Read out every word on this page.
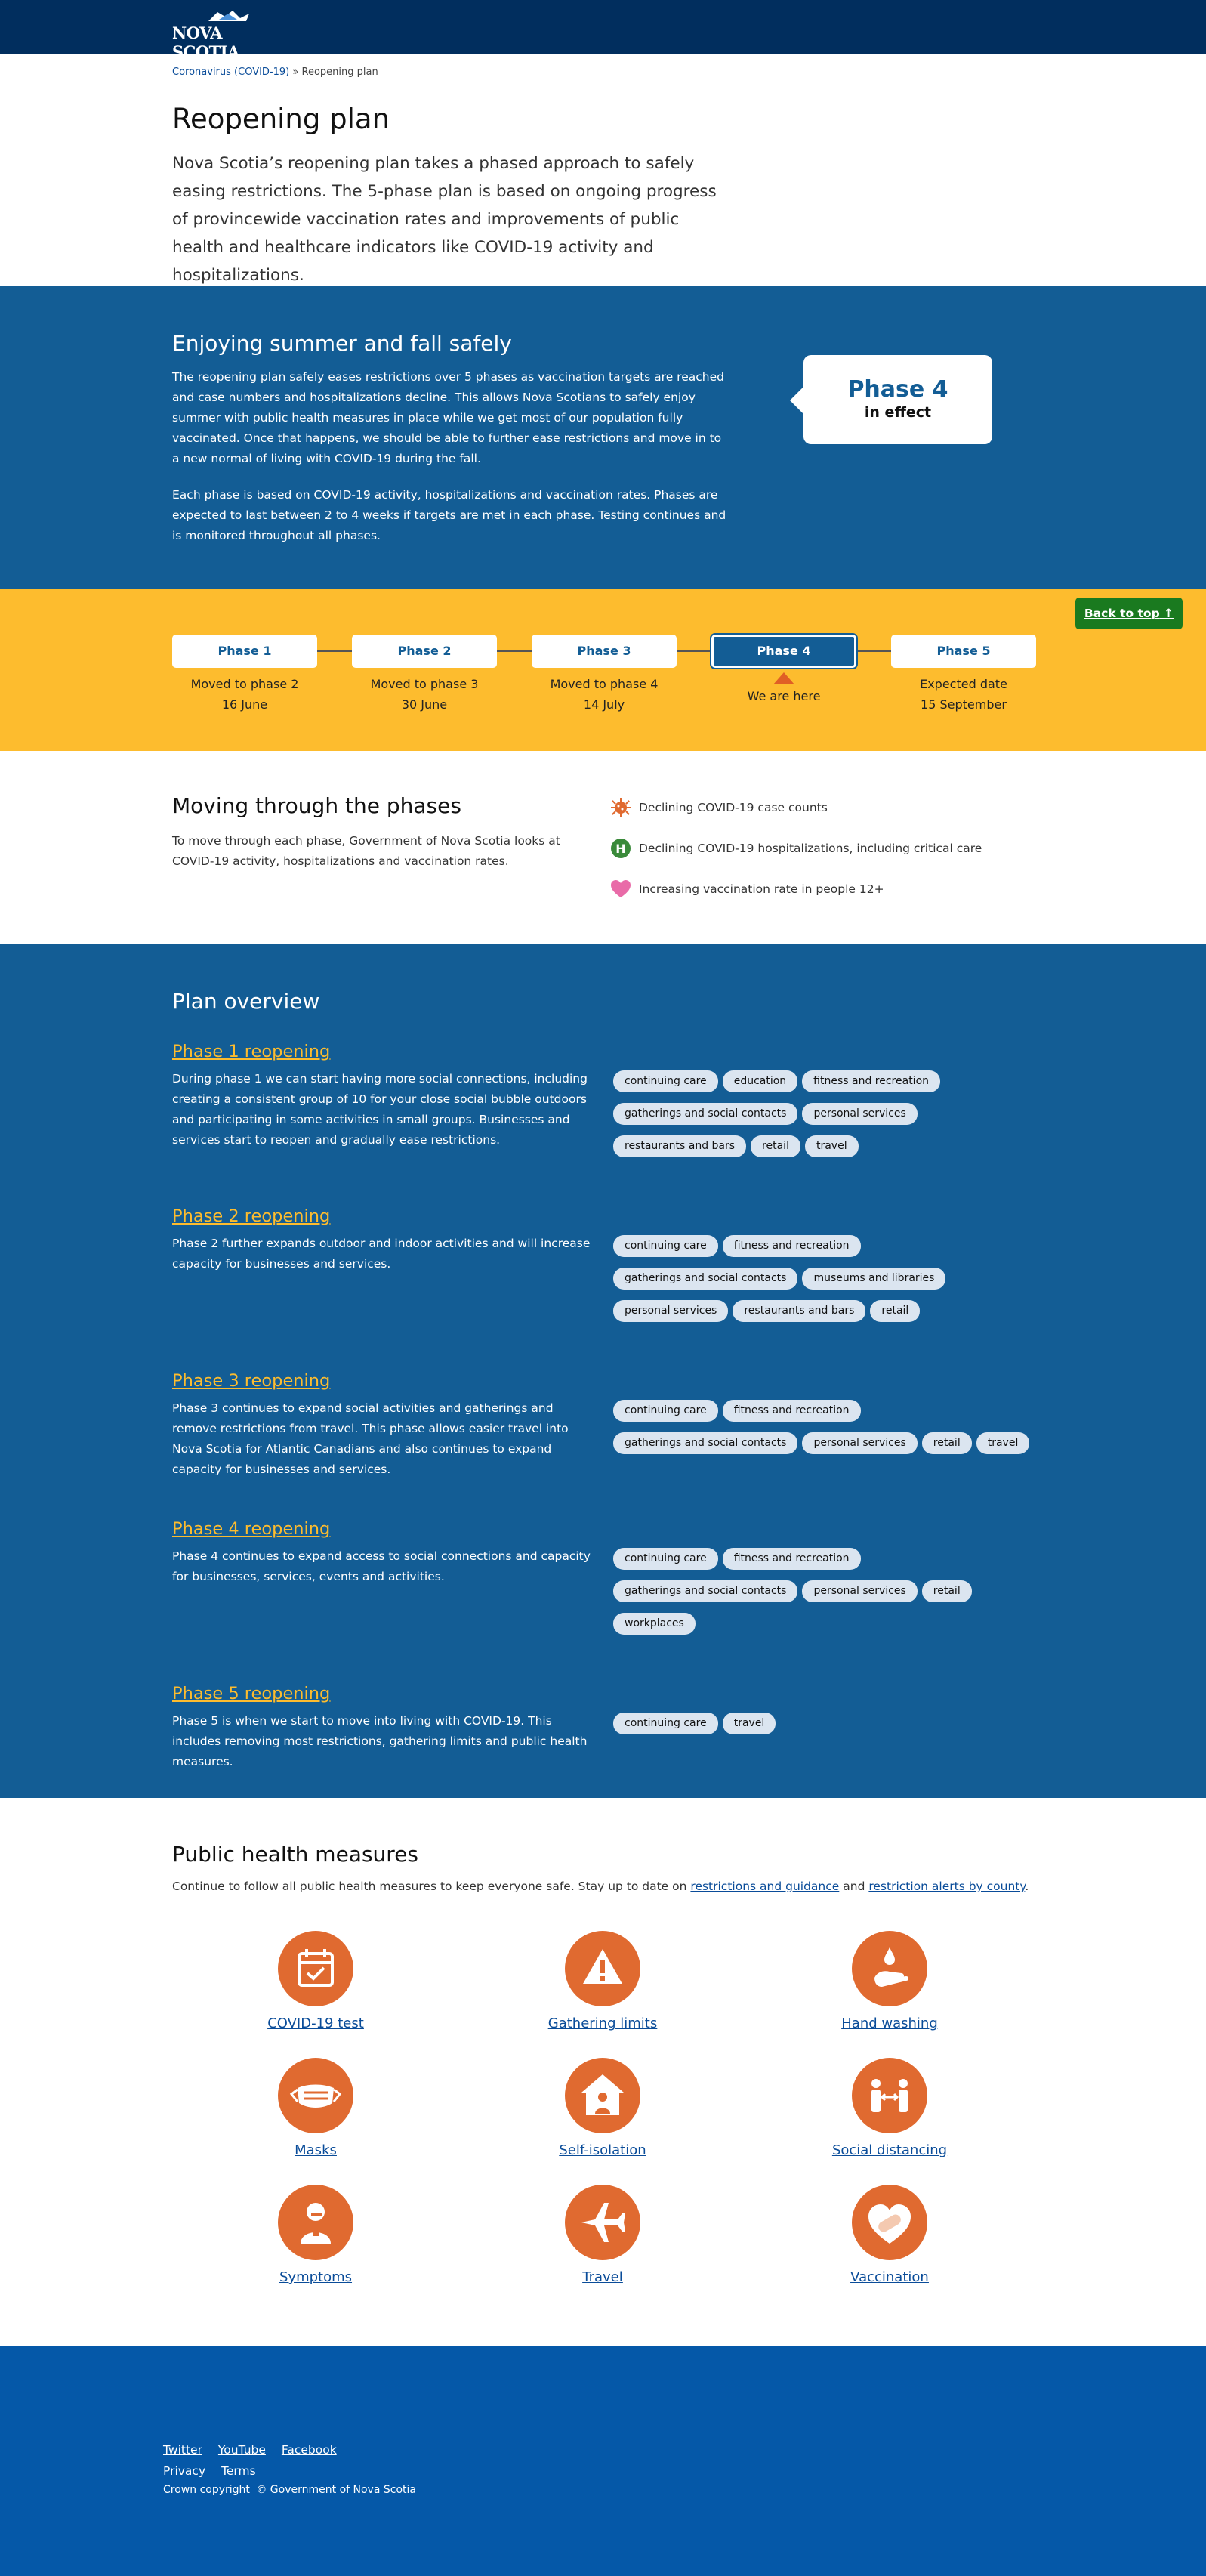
NOVA SCOTIA
Coronavirus (COVID-19) » Reopening plan
Reopening plan

Nova Scotia’s reopening plan takes a phased approach to safely easing restrictions. The 5-phase plan is based on ongoing progress of provincewide vaccination rates and improvements of public health and healthcare indicators like COVID-19 activity and hospitalizations.

Enjoying summer and fall safely

The reopening plan safely eases restrictions over 5 phases as vaccination targets are reached and case numbers and hospitalizations decline. This allows Nova Scotians to safely enjoy summer with public health measures in place while we get most of our population fully vaccinated. Once that happens, we should be able to further ease restrictions and move in to a new normal of living with COVID-19 during the fall.

Each phase is based on COVID-19 activity, hospitalizations and vaccination rates. Phases are expected to last between 2 to 4 weeks if targets are met in each phase. Testing continues and is monitored throughout all phases.

Phase 4
in effect
Back to top ↑
Phase 1
Moved to phase 2
16 June
Phase 2
Moved to phase 3
30 June
Phase 3
Moved to phase 4
14 July
Phase 4
We are here
Phase 5
Expected date
15 September
Moving through the phases

To move through each phase, Government of Nova Scotia looks at COVID-19 activity, hospitalizations and vaccination rates.

Declining COVID-19 case counts
H Declining COVID-19 hospitalizations, including critical care
Increasing vaccination rate in people 12+
Plan overview
Phase 1 reopening

During phase 1 we can start having more social connections, including creating a consistent group of 10 for your close social bubble outdoors and participating in some activities in small groups. Businesses and services start to reopen and gradually ease restrictions.

continuing care	education	fitness and recreation
gatherings and social contacts	personal services
restaurants and bars	retail	travel
Phase 2 reopening

Phase 2 further expands outdoor and indoor activities and will increase capacity for businesses and services.

continuing care	fitness and recreation
gatherings and social contacts	museums and libraries
personal services	restaurants and bars	retail
Phase 3 reopening

Phase 3 continues to expand social activities and gatherings and remove restrictions from travel. This phase allows easier travel into Nova Scotia for Atlantic Canadians and also continues to expand capacity for businesses and services.

continuing care	fitness and recreation
gatherings and social contacts	personal services	retail	travel
Phase 4 reopening

Phase 4 continues to expand access to social connections and capacity for businesses, services, events and activities.

continuing care	fitness and recreation
gatherings and social contacts	personal services	retail
workplaces
Phase 5 reopening

Phase 5 is when we start to move into living with COVID-19. This includes removing most restrictions, gathering limits and public health measures.

continuing care	travel
Public health measures

Continue to follow all public health measures to keep everyone safe. Stay up to date on restrictions and guidance and restriction alerts by county.

COVID-19 test	Gathering limits	Hand washing
Masks	Self-isolation	Social distancing
Symptoms	Travel	Vaccination
Twitter YouTube Facebook
Privacy Terms
Crown copyright © Government of Nova Scotia
